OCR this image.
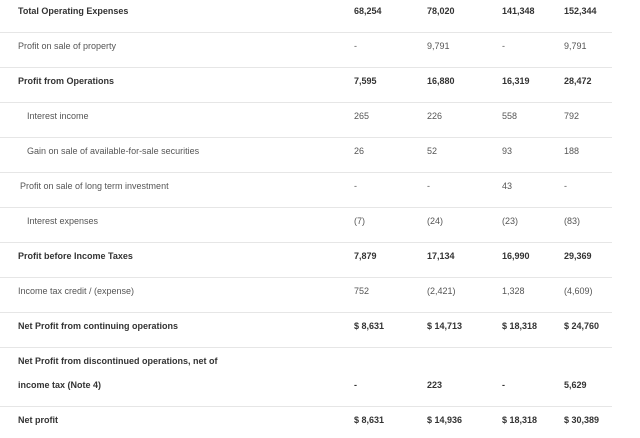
Total Operating Expenses	68,254	78,020	141,348	152,344
Profit on sale of property	-	9,791	-	9,791
Profit from Operations	7,595	16,880	16,319	28,472
Interest income	265	226	558	792
Gain on sale of available-for-sale securities	26	52	93	188
Profit on sale of long term investment	-	-	43	-
Interest expenses	(7)	(24)	(23)	(83)
Profit before Income Taxes	7,879	17,134	16,990	29,369
Income tax credit / (expense)	752	(2,421)	1,328	(4,609)
Net Profit from continuing operations	$ 8,631	$ 14,713	$ 18,318	$ 24,760
Net Profit from discontinued operations, net of
income tax (Note 4)	-	223	-	5,629
Net profit	$ 8,631	$ 14,936	$ 18,318	$ 30,389
